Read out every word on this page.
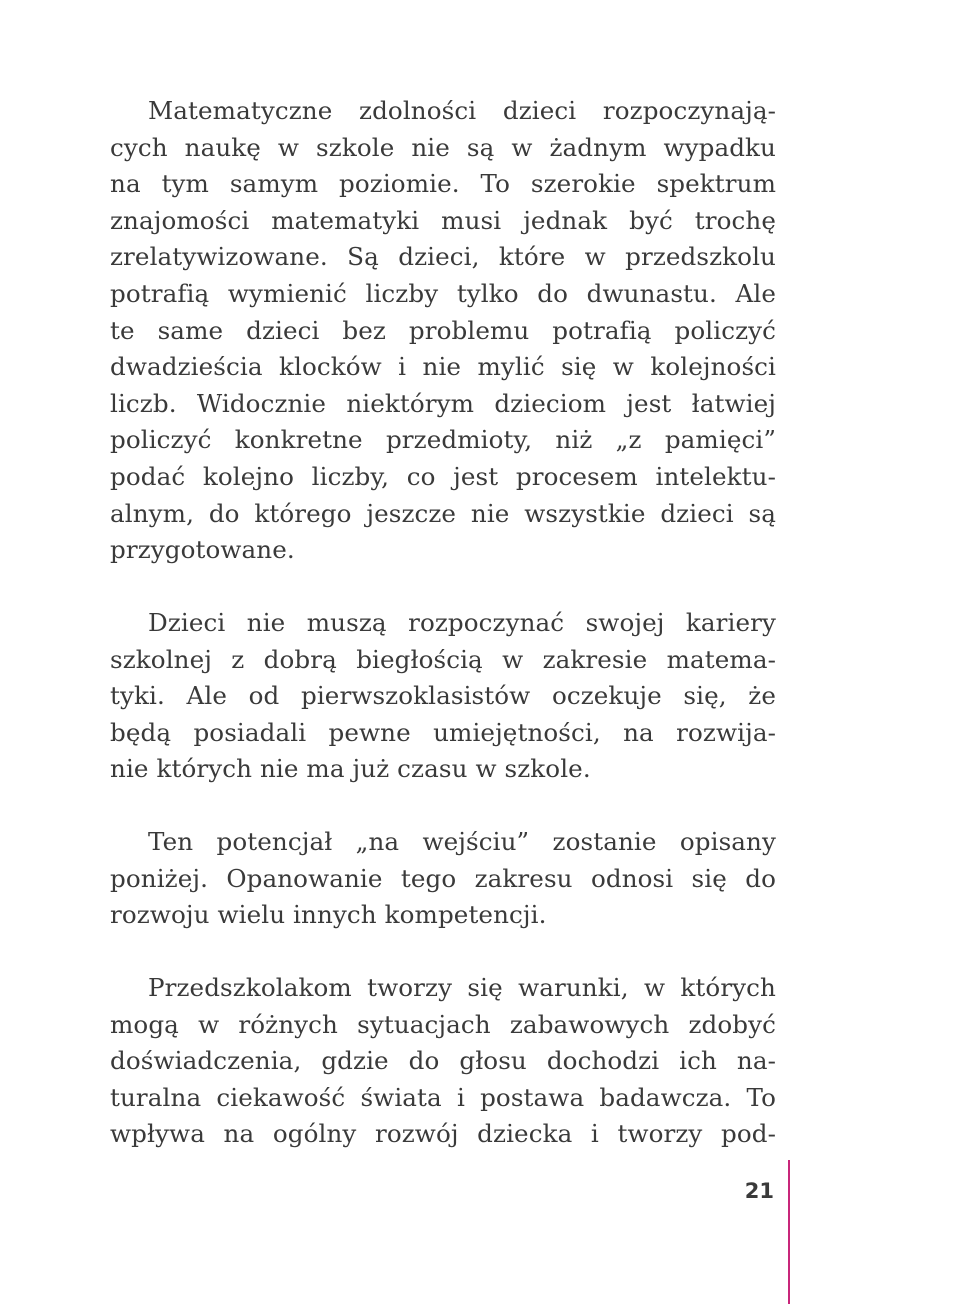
Matematyczne zdolności dzieci rozpoczynają-
cych naukę w szkole nie są w żadnym wypadku
na tym samym poziomie. To szerokie spektrum
znajomości matematyki musi jednak być trochę
zrelatywizowane. Są dzieci, które w przedszkolu
potrafią wymienić liczby tylko do dwunastu. Ale
te same dzieci bez problemu potrafią policzyć
dwadzieścia klocków i nie mylić się w kolejności
liczb. Widocznie niektórym dzieciom jest łatwiej
policzyć konkretne przedmioty, niż „z pamięci”
podać kolejno liczby, co jest procesem intelektu-
alnym, do którego jeszcze nie wszystkie dzieci są
przygotowane.

Dzieci nie muszą rozpoczynać swojej kariery
szkolnej z dobrą biegłością w zakresie matema-
tyki. Ale od pierwszoklasistów oczekuje się, że
będą posiadali pewne umiejętności, na rozwija-
nie których nie ma już czasu w szkole.

Ten potencjał „na wejściu” zostanie opisany
poniżej. Opanowanie tego zakresu odnosi się do
rozwoju wielu innych kompetencji.

Przedszkolakom tworzy się warunki, w których
mogą w różnych sytuacjach zabawowych zdobyć
doświadczenia, gdzie do głosu dochodzi ich na-
turalna ciekawość świata i postawa badawcza. To
wpływa na ogólny rozwój dziecka i tworzy pod-

21
